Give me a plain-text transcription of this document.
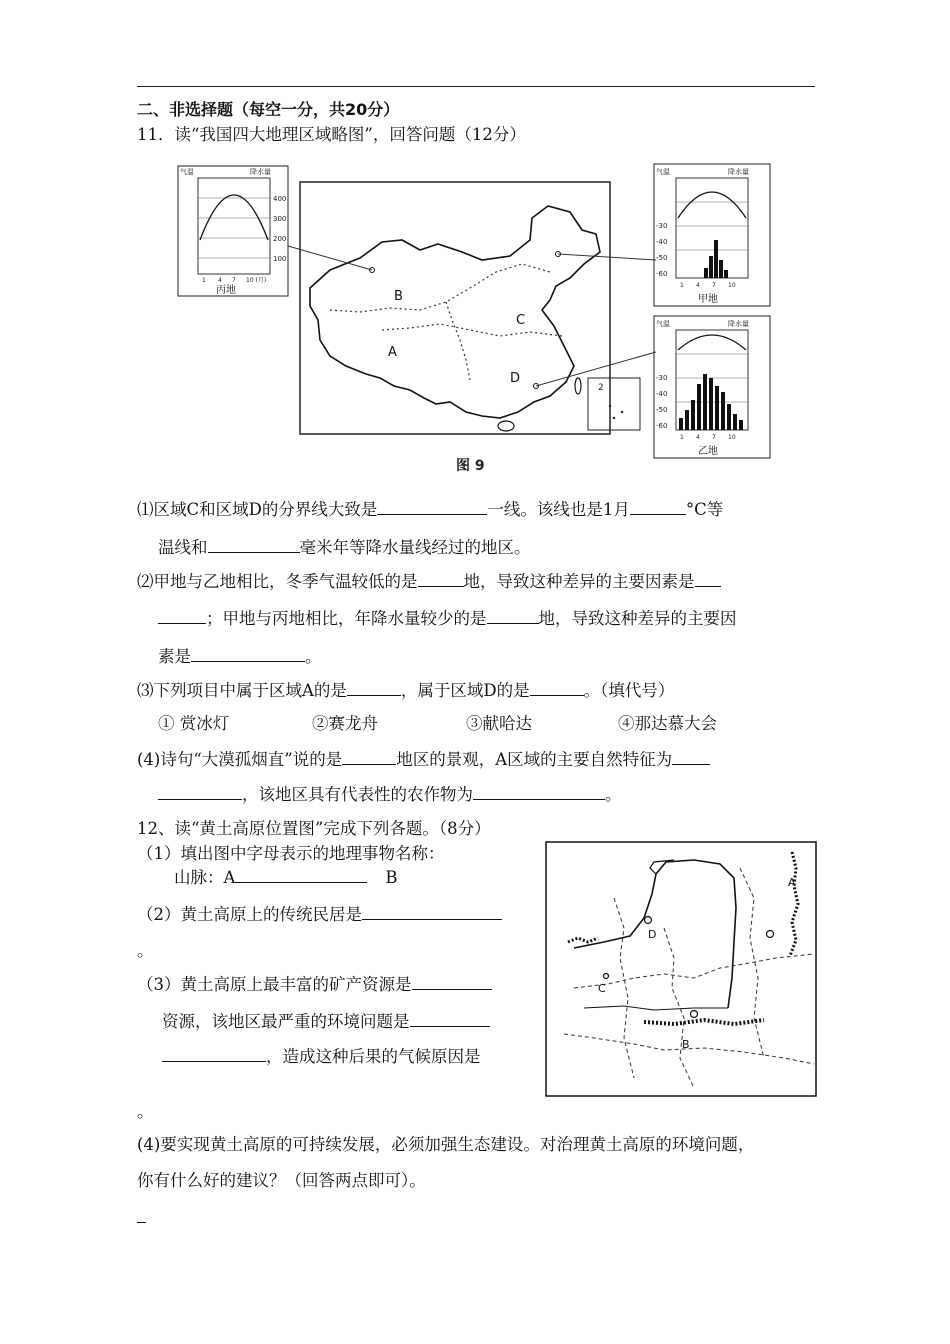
二、非选择题（每空一分，共20分）
11．读“我国四大地理区域略图”，回答问题（12分）
2
B
A
C
D
气温	降水量
400
300
200
100
1 4 7 10 (月)
丙地
气温	降水量
-30
-40
-50
-60
1 4 7 10
甲地
气温	降水量
-30
-40
-50
-60
1 4 7 10
乙地
图 9
⑴区域C和区域D的分界线大致是	一线。该线也是1月	°C等
温线和	毫米年等降水量线经过的地区。
⑵甲地与乙地相比，冬季气温较低的是	地，导致这种差异的主要因素是
；甲地与丙地相比，年降水量较少的是	地，导致这种差异的主要因
素是	。
⑶下列项目中属于区域A的是	，属于区域D的是	。（填代号）
① 赏冰灯	②赛龙舟	③献哈达	④那达慕大会
(4)诗句“大漠孤烟直”说的是	地区的景观，A区域的主要自然特征为
，该地区具有代表性的农作物为	。
12、读“黄土高原位置图”完成下列各题。（8分）
（1）填出图中字母表示的地理事物名称：
山脉：A	B
（2）黄土高原上的传统民居是
。
（3）黄土高原上最丰富的矿产资源是
资源，该地区最严重的环境问题是
，造成这种后果的气候原因是
。
A
B
C
D
(4)要实现黄土高原的可持续发展，必须加强生态建设。对治理黄土高原的环境问题，
你有什么好的建议？（回答两点即可）。
